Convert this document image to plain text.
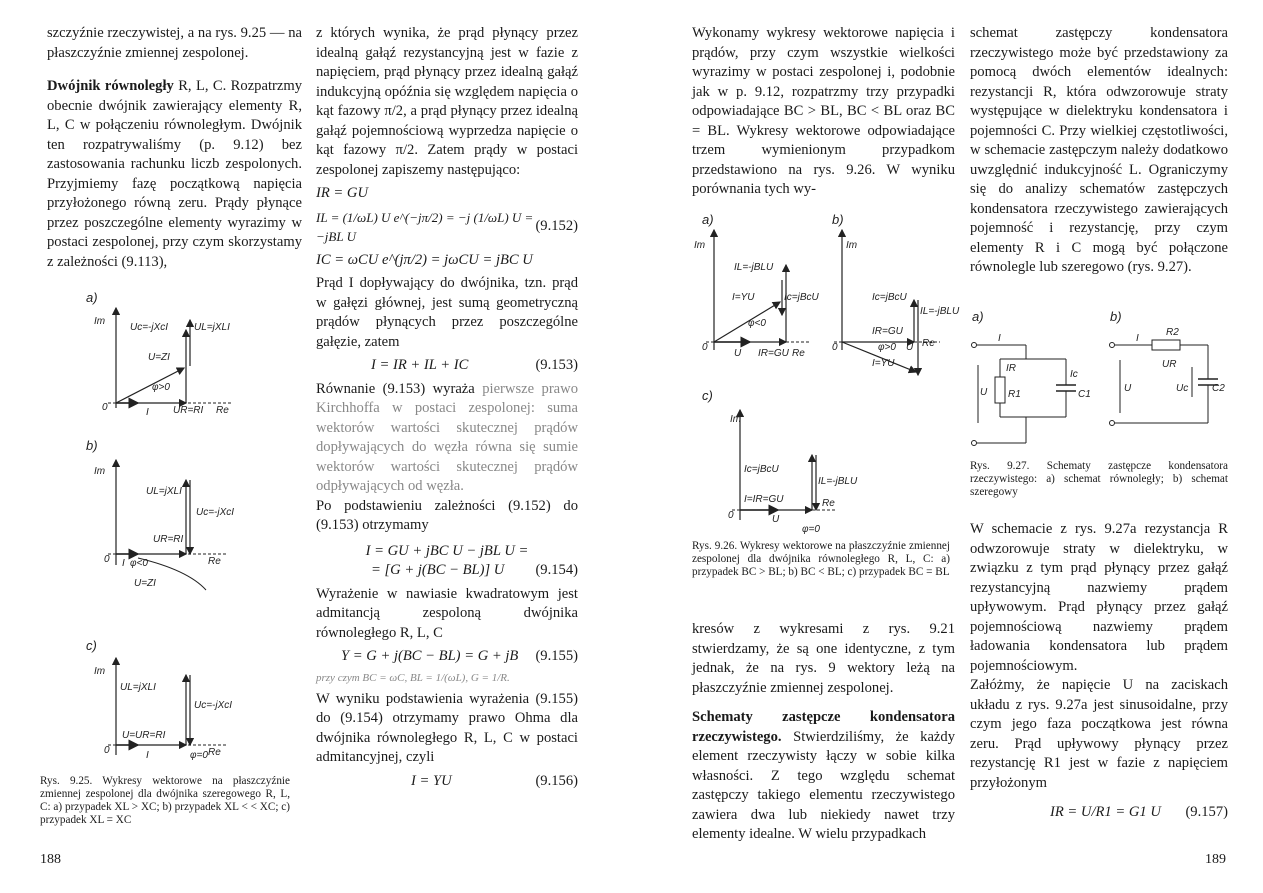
szczyźnie rzeczywistej, a na rys. 9.25 — na płaszczyźnie zmiennej zespolonej.

Dwójnik równoległy R, L, C. Rozpatrzmy obecnie dwójnik zawierający elementy R, L, C w połączeniu równoległym. Dwójnik ten rozpatrywaliśmy (p. 9.12) bez zastosowania rachunku liczb zespolonych. Przyjmiemy fazę początkową napięcia przyłożonego równą zeru. Prądy płynące przez poszczególne elementy wyrazimy w postaci zespolonej, przy czym skorzystamy z zależności (9.113),

a)
Im
0	Re
Uc=-jXcI	UL=jXLI
U=ZI
φ>0
I UR=RI
b)
Im
0	Re
UL=jXLI
Uc=-jXcI
UR=RI
I φ<0
U=ZI
c)
Im
0	Re
UL=jXLI
Uc=-jXcI
U=UR=RI
I	φ=0
Rys. 9.25. Wykresy wektorowe na płaszczyźnie zmiennej zespolonej dla dwójnika szeregowego R, L, C: a) przypadek XL > XC; b) przypadek XL < < XC; c) przypadek XL = XC

z których wynika, że prąd płynący przez idealną gałąź rezystancyjną jest w fazie z napięciem, prąd płynący przez idealną gałąź indukcyjną opóźnia się względem napięcia o kąt fazowy π/2, a prąd płynący przez idealną gałąź pojemnościową wyprzedza napięcie o kąt fazowy π/2. Zatem prądy w postaci zespolonej zapiszemy następująco:

IR = GU
IL = (1/ωL) U e^(−jπ/2) = −j (1/ωL) U = −jBL U
(9.152)
IC = ωCU e^(jπ/2) = jωCU = jBC U

Prąd I dopływający do dwójnika, tzn. prąd w gałęzi głównej, jest sumą geometryczną prądów płynących przez poszczególne gałęzie, zatem

I = IR + IL + IC	(9.153)

Równanie (9.153) wyraża pierwsze prawo Kirchhoffa w postaci zespolonej: suma wektorów wartości skutecznej prądów dopływających do węzła równa się sumie wektorów wartości skutecznej prądów odpływających od węzła.

Po podstawieniu zależności (9.152) do (9.153) otrzymamy

I = GU + jBC U − jBL U =
= [G + j(BC − BL)] U (9.154)

Wyrażenie w nawiasie kwadratowym jest admitancją zespoloną dwójnika równoległego R, L, C

Y = G + j(BC − BL) = G + jB (9.155)
przy czym BC = ωC, BL = 1/(ωL), G = 1/R.

W wyniku podstawienia wyrażenia (9.155) do (9.154) otrzymamy prawo Ohma dla dwójnika równoległego R, L, C w postaci admitancyjnej, czyli

I = YU	(9.156)
188

Wykonamy wykresy wektorowe napięcia i prądów, przy czym wszystkie wielkości wyrazimy w postaci zespolonej i, podobnie jak w p. 9.12, rozpatrzmy trzy przypadki odpowiadające BC > BL, BC < BL oraz BC = BL. Wykresy wektorowe odpowiadające trzem wymienionym przypadkom przedstawiono na rys. 9.26. W wyniku porównania tych wy-

a)
Im
0
Re
IL=-jBLU
I=YU	Ic=jBcU
φ<0
U IR=GU
b)
Im
0	Re
Ic=jBcU
IL=-jBLU
IR=GU
φ>0 U
I=YU
c)
Im
0
Re
Ic=jBcU
IL=-jBLU
I=IR=GU
U
φ=0
Rys. 9.26. Wykresy wektorowe na płaszczyźnie zmiennej zespolonej dla dwójnika równoległego R, L, C: a) przypadek BC > BL; b) BC < BL; c) przypadek BC = BL

kresów z wykresami z rys. 9.21 stwierdzamy, że są one identyczne, z tym jednak, że na rys. 9 wektory leżą na płaszczyźnie zmiennej zespolonej.

Schematy zastępcze kondensatora rzeczywistego. Stwierdziliśmy, że każdy element rzeczywisty łączy w sobie kilka własności. Z tego względu schemat zastępczy takiego elementu rzeczywistego zawiera dwa lub niekiedy nawet trzy elementy idealne. W wielu przypadkach

schemat zastępczy kondensatora rzeczywistego może być przedstawiony za pomocą dwóch elementów idealnych: rezystancji R, która odwzorowuje straty występujące w dielektryku kondensatora i pojemności C. Przy wielkiej częstotliwości, w schemacie zastępczym należy dodatkowo uwzględnić indukcyjność L. Ograniczymy się do analizy schematów zastępczych kondensatora rzeczywistego zawierających pojemność i rezystancję, przy czym elementy R i C mogą być połączone równolegle lub szeregowo (rys. 9.27).

a)	b)
I
U
IR
Ic
R1	C1
I
R2
UR
U	Uc C2
Rys. 9.27. Schematy zastępcze kondensatora rzeczywistego: a) schemat równoległy; b) schemat szeregowy

W schemacie z rys. 9.27a rezystancja R odwzorowuje straty w dielektryku, w związku z tym prąd płynący przez gałąź rezystancyjną nazwiemy prądem upływowym. Prąd płynący przez gałąź pojemnościową nazwiemy prądem ładowania kondensatora lub prądem pojemnościowym.

Załóżmy, że napięcie U na zaciskach układu z rys. 9.27a jest sinusoidalne, przy czym jego faza początkowa jest równa zeru. Prąd upływowy płynący przez rezystancję R1 jest w fazie z napięciem przyłożonym

IR = U/R1 = G1 U (9.157)
189
